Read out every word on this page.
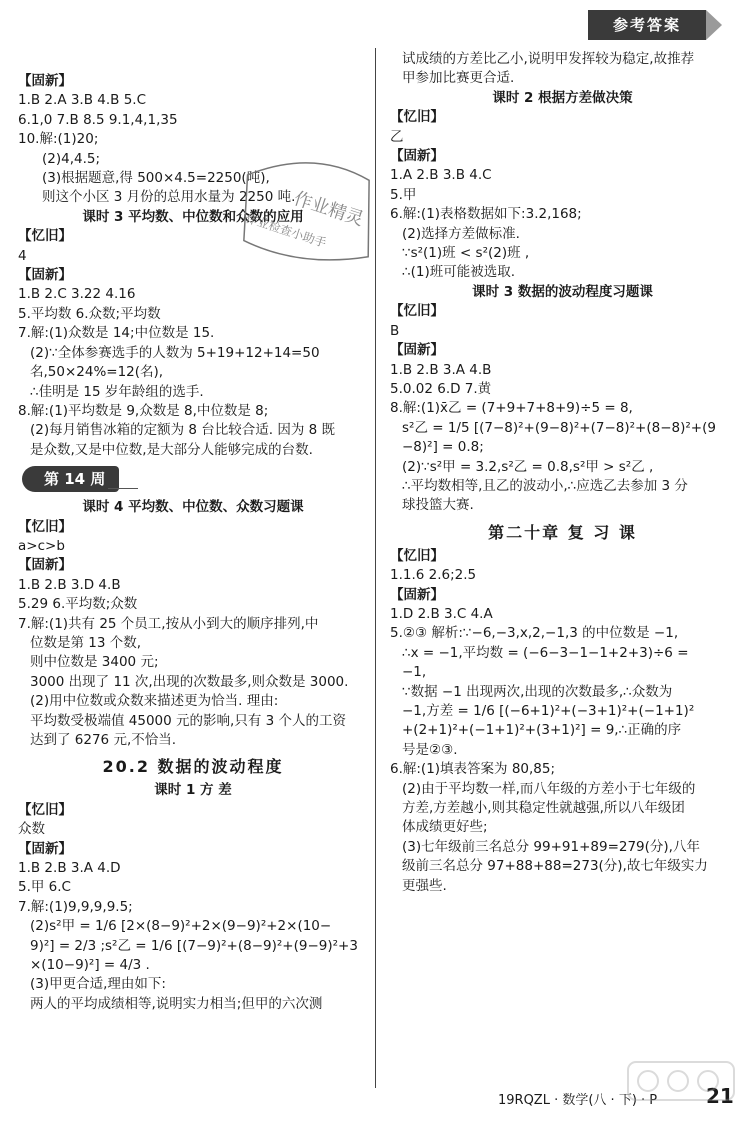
参考答案
【固新】
1.B 2.A 3.B 4.B 5.C
6.1,0 7.B 8.5 9.1,4,1,35
10.解:(1)20;
(2)4,4.5;
(3)根据题意,得 500×4.5=2250(吨),
则这个小区 3 月份的总用水量为 2250 吨.
课时 3 平均数、中位数和众数的应用
【忆旧】
4
【固新】
1.B 2.C 3.22 4.16
5.平均数 6.众数;平均数
7.解:(1)众数是 14;中位数是 15.
(2)∵全体参赛选手的人数为 5+19+12+14=50
名,50×24%=12(名),
∴佳明是 15 岁年龄组的选手.
8.解:(1)平均数是 9,众数是 8,中位数是 8;
(2)每月销售冰箱的定额为 8 台比较合适. 因为 8 既
是众数,又是中位数,是大部分人能够完成的台数.
第 14 周
课时 4 平均数、中位数、众数习题课
【忆旧】
a>c>b
【固新】
1.B 2.B 3.D 4.B
5.29 6.平均数;众数
7.解:(1)共有 25 个员工,按从小到大的顺序排列,中
位数是第 13 个数,
则中位数是 3400 元;
3000 出现了 11 次,出现的次数最多,则众数是 3000.
(2)用中位数或众数来描述更为恰当. 理由:
平均数受极端值 45000 元的影响,只有 3 个人的工资
达到了 6276 元,不恰当.
20.2 数据的波动程度
课时 1 方 差
【忆旧】
众数
【固新】
1.B 2.B 3.A 4.D
5.甲 6.C
7.解:(1)9,9,9,9.5;
(2)s²甲 = 1/6 [2×(8−9)²+2×(9−9)²+2×(10−
9)²] = 2/3 ;s²乙 = 1/6 [(7−9)²+(8−9)²+(9−9)²+3
×(10−9)²] = 4/3 .
(3)甲更合适,理由如下:
两人的平均成绩相等,说明实力相当;但甲的六次测
试成绩的方差比乙小,说明甲发挥较为稳定,故推荐
甲参加比赛更合适.
课时 2 根据方差做决策
【忆旧】
乙
【固新】
1.A 2.B 3.B 4.C
5.甲
6.解:(1)表格数据如下:3.2,168;
(2)选择方差做标准.
∵s²(1)班 < s²(2)班 ,
∴(1)班可能被选取.
课时 3 数据的波动程度习题课
【忆旧】
B
【固新】
1.B 2.B 3.A 4.B
5.0.02 6.D 7.黄
8.解:(1)x̄乙 = (7+9+7+8+9)÷5 = 8,
s²乙 = 1/5 [(7−8)²+(9−8)²+(7−8)²+(8−8)²+(9
−8)²] = 0.8;
(2)∵s²甲 = 3.2,s²乙 = 0.8,s²甲 > s²乙 ,
∴平均数相等,且乙的波动小,∴应选乙去参加 3 分
球投篮大赛.
第二十章 复 习 课
【忆旧】
1.1.6 2.6;2.5
【固新】
1.D 2.B 3.C 4.A
5.②③ 解析:∵−6,−3,x,2,−1,3 的中位数是 −1,
∴x = −1,平均数 = (−6−3−1−1+2+3)÷6 =
−1,
∵数据 −1 出现两次,出现的次数最多,∴众数为
−1,方差 = 1/6 [(−6+1)²+(−3+1)²+(−1+1)²
+(2+1)²+(−1+1)²+(3+1)²] = 9,∴正确的序
号是②③.
6.解:(1)填表答案为 80,85;
(2)由于平均数一样,而八年级的方差小于七年级的
方差,方差越小,则其稳定性就越强,所以八年级团
体成绩更好些;
(3)七年级前三名总分 99+91+89=279(分),八年
级前三名总分 97+88+88=273(分),故七年级实力
更强些.
作业精灵
作业检查小助手
19RQZL · 数学(八 · 下) · P 21
